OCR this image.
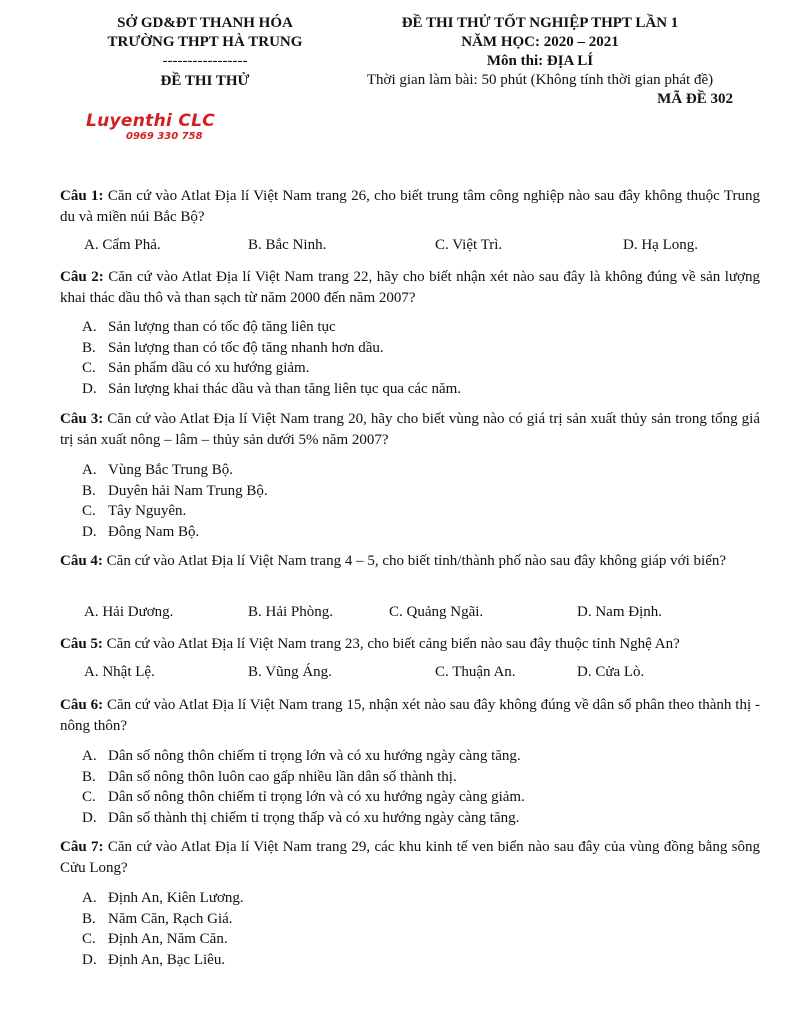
SỞ GD&ĐT THANH HÓA
TRƯỜNG THPT HÀ TRUNG
-----------------
ĐỀ THI THỬ
ĐỀ THI THỬ TỐT NGHIỆP THPT LẦN 1
NĂM HỌC: 2020 – 2021
Môn thi: ĐỊA LÍ
Thời gian làm bài: 50 phút (Không tính thời gian phát đề)
MÃ ĐỀ 302
Luyenthi CLC
0969 330 758
Câu 1: Căn cứ vào Atlat Địa lí Việt Nam trang 26, cho biết trung tâm công nghiệp nào sau đây không thuộc Trung du và miền núi Bắc Bộ?
A. Cẩm Phả.	B. Bắc Ninh.	C. Việt Trì.	D. Hạ Long.
Câu 2: Căn cứ vào Atlat Địa lí Việt Nam trang 22, hãy cho biết nhận xét nào sau đây là không đúng về sản lượng khai thác dầu thô và than sạch từ năm 2000 đến năm 2007?
A. Sản lượng than có tốc độ tăng liên tục
B. Sản lượng than có tốc độ tăng nhanh hơn dầu.
C. Sản phẩm dầu có xu hướng giảm.
D. Sản lượng khai thác dầu và than tăng liên tục qua các năm.
Câu 3: Căn cứ vào Atlat Địa lí Việt Nam trang 20, hãy cho biết vùng nào có giá trị sản xuất thủy sản trong tổng giá trị sản xuất nông – lâm – thủy sản dưới 5% năm 2007?
A. Vùng Bắc Trung Bộ.
B. Duyên hải Nam Trung Bộ.
C. Tây Nguyên.
D. Đông Nam Bộ.
Câu 4: Căn cứ vào Atlat Địa lí Việt Nam trang 4 – 5, cho biết tỉnh/thành phố nào sau đây không giáp với biển?
A. Hải Dương.	B. Hải Phòng.	C. Quảng Ngãi.	D. Nam Định.
Câu 5: Căn cứ vào Atlat Địa lí Việt Nam trang 23, cho biết cảng biển nào sau đây thuộc tỉnh Nghệ An?
A. Nhật Lệ.	B. Vũng Áng.	C. Thuận An.	D. Cửa Lò.
Câu 6: Căn cứ vào Atlat Địa lí Việt Nam trang 15, nhận xét nào sau đây không đúng về dân số phân theo thành thị - nông thôn?
A. Dân số nông thôn chiếm tỉ trọng lớn và có xu hướng ngày càng tăng.
B. Dân số nông thôn luôn cao gấp nhiều lần dân số thành thị.
C. Dân số nông thôn chiếm tỉ trọng lớn và có xu hướng ngày càng giảm.
D. Dân số thành thị chiếm tỉ trọng thấp và có xu hướng ngày càng tăng.
Câu 7: Căn cứ vào Atlat Địa lí Việt Nam trang 29, các khu kinh tế ven biển nào sau đây của vùng đồng bằng sông Cửu Long?
A. Định An, Kiên Lương.
B. Năm Căn, Rạch Giá.
C. Định An, Năm Căn.
D. Định An, Bạc Liêu.
